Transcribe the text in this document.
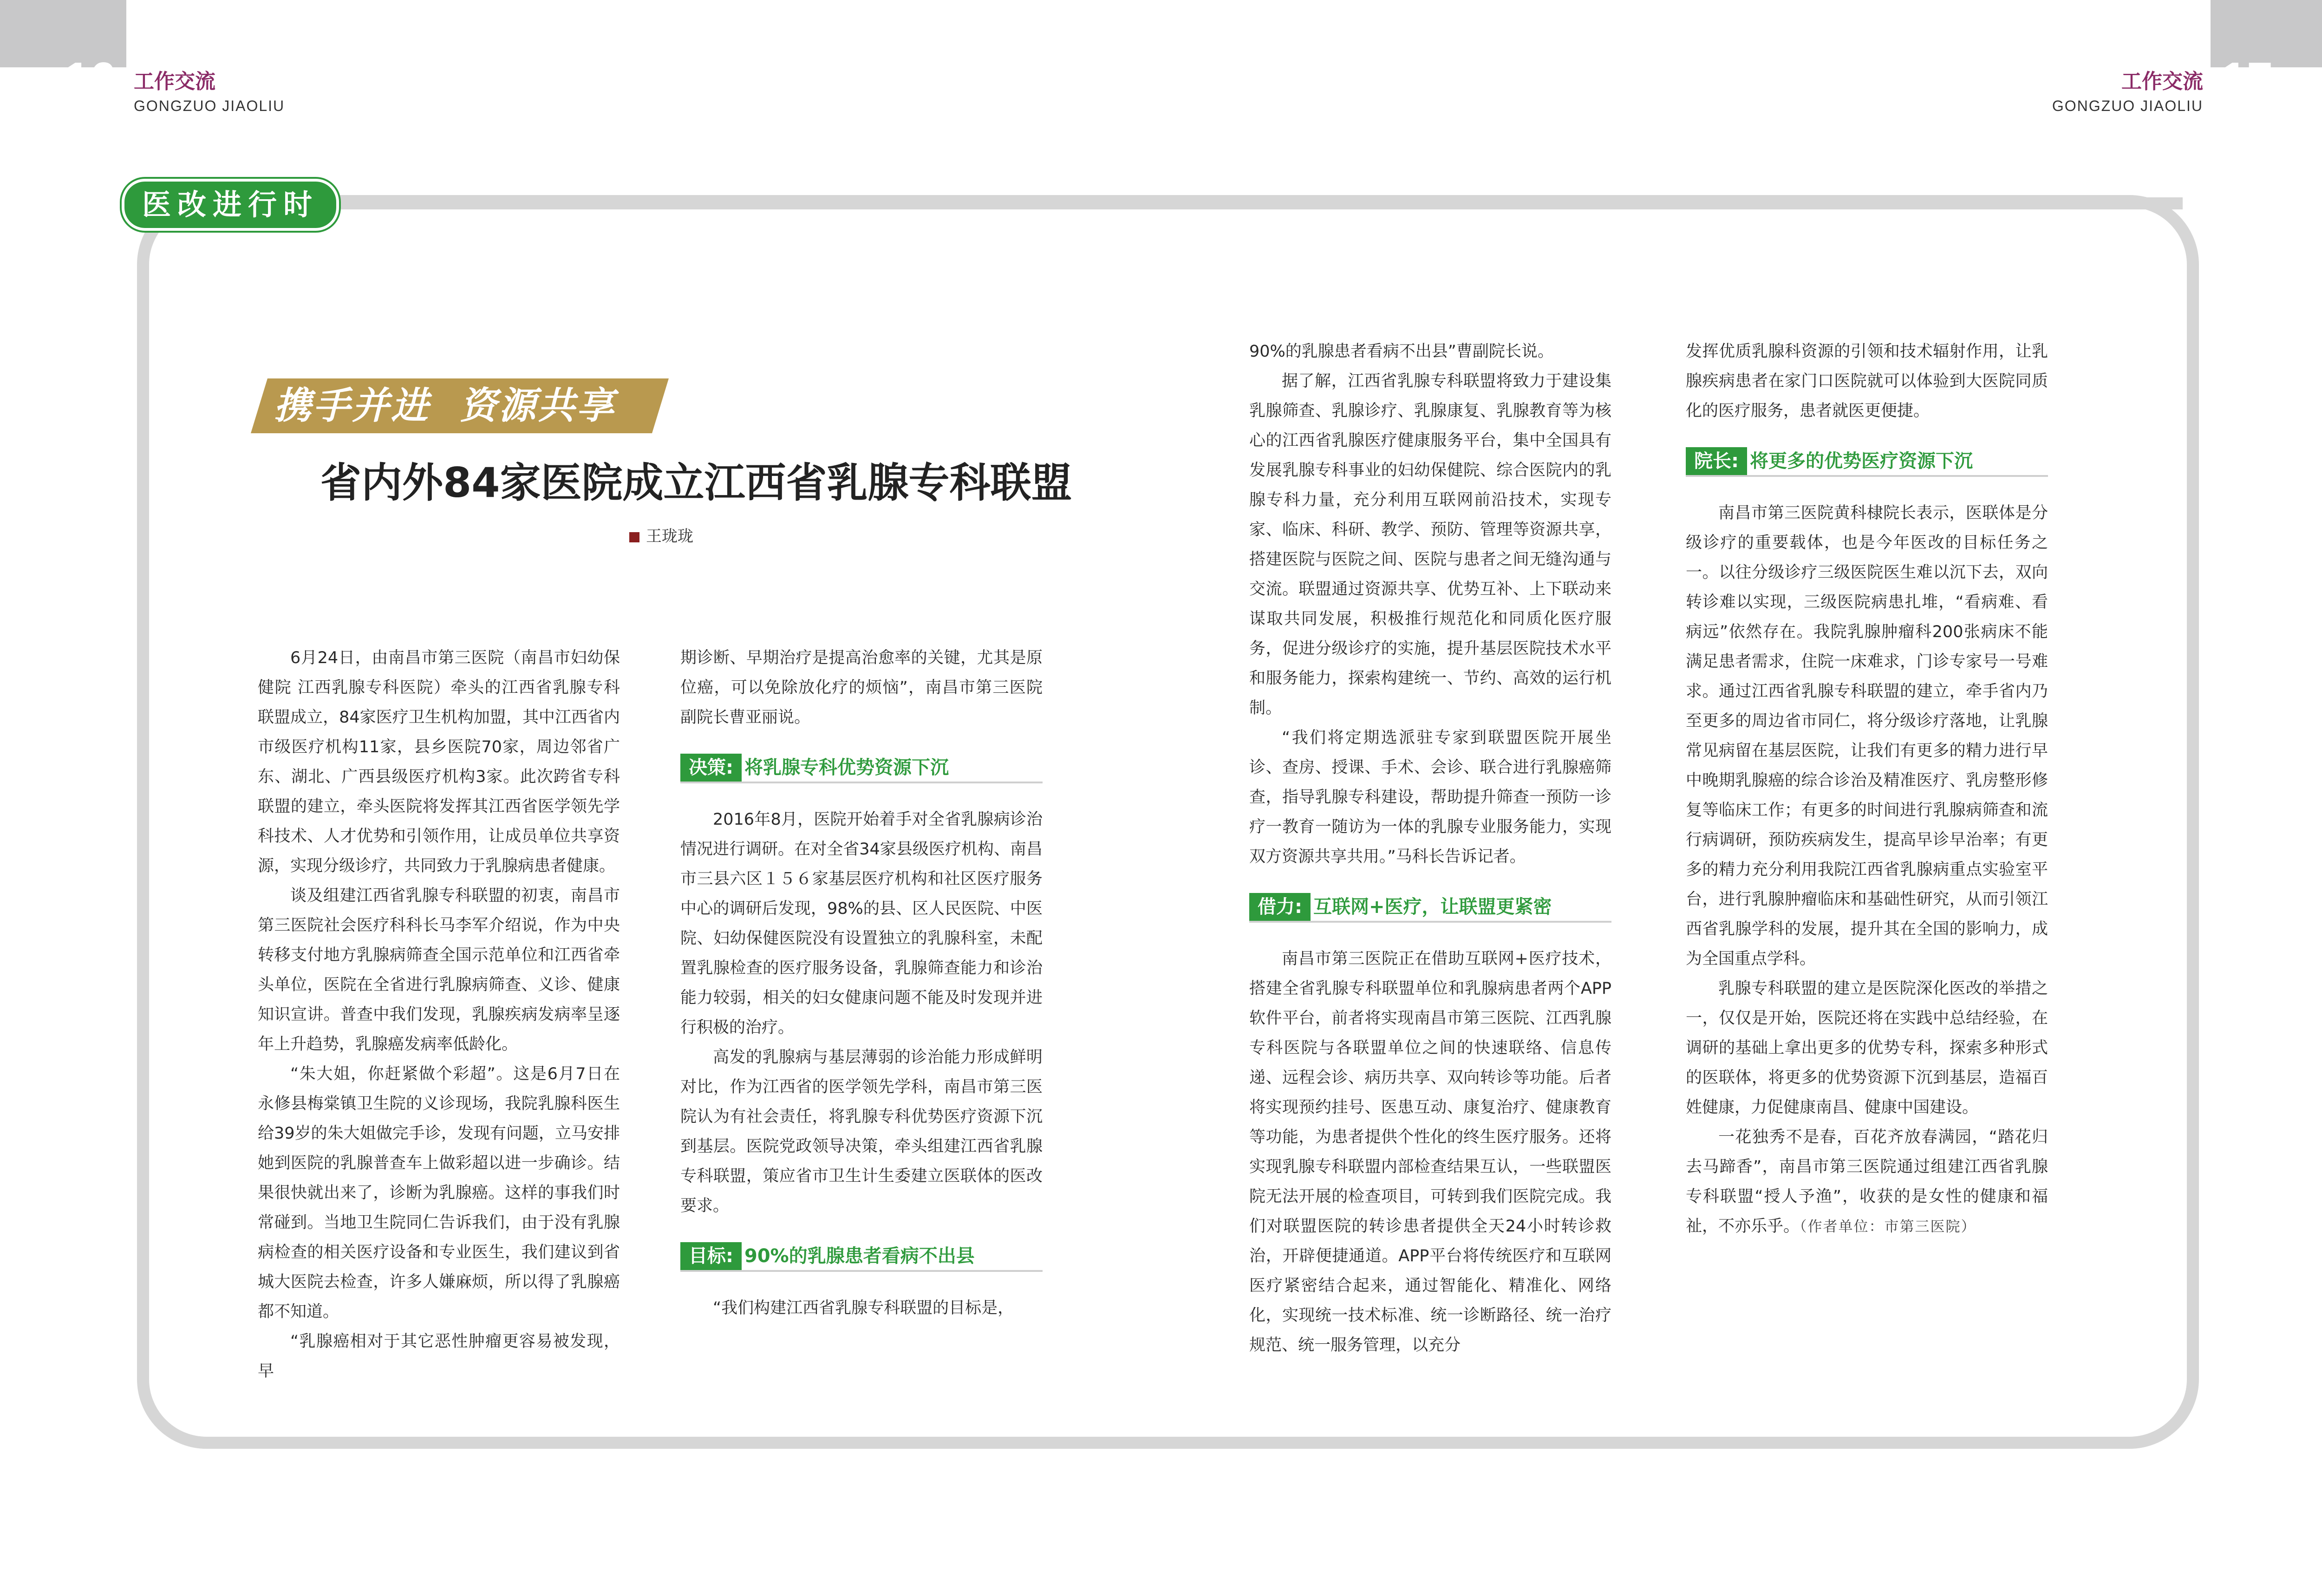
16	17
工作交流
GONGZUO JIAOLIU
工作交流
GONGZUO JIAOLIU
医改进行时
携手并进  资源共享
省内外84家医院成立江西省乳腺专科联盟
王珑珑

6月24日，由南昌市第三医院（南昌市妇幼保健院 江西乳腺专科医院）牵头的江西省乳腺专科联盟成立，84家医疗卫生机构加盟，其中江西省内市级医疗机构11家，县乡医院70家，周边邻省广东、湖北、广西县级医疗机构3家。此次跨省专科联盟的建立，牵头医院将发挥其江西省医学领先学科技术、人才优势和引领作用，让成员单位共享资源，实现分级诊疗，共同致力于乳腺病患者健康。

谈及组建江西省乳腺专科联盟的初衷，南昌市第三医院社会医疗科科长马李军介绍说，作为中央转移支付地方乳腺病筛查全国示范单位和江西省牵头单位，医院在全省进行乳腺病筛查、义诊、健康知识宣讲。普查中我们发现，乳腺疾病发病率呈逐年上升趋势，乳腺癌发病率低龄化。

“朱大姐，你赶紧做个彩超”。这是6月7日在永修县梅棠镇卫生院的义诊现场，我院乳腺科医生给39岁的朱大姐做完手诊，发现有问题，立马安排她到医院的乳腺普查车上做彩超以进一步确诊。结果很快就出来了，诊断为乳腺癌。这样的事我们时常碰到。当地卫生院同仁告诉我们，由于没有乳腺病检查的相关医疗设备和专业医生，我们建议到省城大医院去检查，许多人嫌麻烦，所以得了乳腺癌都不知道。

“乳腺癌相对于其它恶性肿瘤更容易被发现，早

期诊断、早期治疗是提高治愈率的关键，尤其是原位癌，可以免除放化疗的烦恼”，南昌市第三医院副院长曹亚丽说。

决策: 将乳腺专科优势资源下沉

2016年8月，医院开始着手对全省乳腺病诊治情况进行调研。在对全省34家县级医疗机构、南昌市三县六区１５６家基层医疗机构和社区医疗服务中心的调研后发现，98%的县、区人民医院、中医院、妇幼保健医院没有设置独立的乳腺科室，未配置乳腺检查的医疗服务设备，乳腺筛查能力和诊治能力较弱，相关的妇女健康问题不能及时发现并进行积极的治疗。

高发的乳腺病与基层薄弱的诊治能力形成鲜明对比，作为江西省的医学领先学科，南昌市第三医院认为有社会责任，将乳腺专科优势医疗资源下沉到基层。医院党政领导决策，牵头组建江西省乳腺专科联盟，策应省市卫生计生委建立医联体的医改要求。

目标: 90%的乳腺患者看病不出县

“我们构建江西省乳腺专科联盟的目标是，

90%的乳腺患者看病不出县”曹副院长说。

据了解，江西省乳腺专科联盟将致力于建设集乳腺筛查、乳腺诊疗、乳腺康复、乳腺教育等为核心的江西省乳腺医疗健康服务平台，集中全国具有发展乳腺专科事业的妇幼保健院、综合医院内的乳腺专科力量，充分利用互联网前沿技术，实现专家、临床、科研、教学、预防、管理等资源共享，搭建医院与医院之间、医院与患者之间无缝沟通与交流。联盟通过资源共享、优势互补、上下联动来谋取共同发展，积极推行规范化和同质化医疗服务，促进分级诊疗的实施，提升基层医院技术水平和服务能力，探索构建统一、节约、高效的运行机制。

“我们将定期选派驻专家到联盟医院开展坐诊、查房、授课、手术、会诊、联合进行乳腺癌筛查，指导乳腺专科建设，帮助提升筛查一预防一诊疗一教育一随访为一体的乳腺专业服务能力，实现双方资源共享共用。”马科长告诉记者。

借力: 互联网+医疗，让联盟更紧密

南昌市第三医院正在借助互联网+医疗技术，搭建全省乳腺专科联盟单位和乳腺病患者两个APP软件平台，前者将实现南昌市第三医院、江西乳腺专科医院与各联盟单位之间的快速联络、信息传递、远程会诊、病历共享、双向转诊等功能。后者将实现预约挂号、医患互动、康复治疗、健康教育等功能，为患者提供个性化的终生医疗服务。还将实现乳腺专科联盟内部检查结果互认，一些联盟医院无法开展的检查项目，可转到我们医院完成。我们对联盟医院的转诊患者提供全天24小时转诊救治，开辟便捷通道。APP平台将传统医疗和互联网医疗紧密结合起来，通过智能化、精准化、网络化，实现统一技术标准、统一诊断路径、统一治疗规范、统一服务管理，以充分

发挥优质乳腺科资源的引领和技术辐射作用，让乳腺疾病患者在家门口医院就可以体验到大医院同质化的医疗服务，患者就医更便捷。

院长: 将更多的优势医疗资源下沉

南昌市第三医院黄科棣院长表示，医联体是分级诊疗的重要载体，也是今年医改的目标任务之一。以往分级诊疗三级医院医生难以沉下去，双向转诊难以实现，三级医院病患扎堆，“看病难、看病远”依然存在。我院乳腺肿瘤科200张病床不能满足患者需求，住院一床难求，门诊专家号一号难求。通过江西省乳腺专科联盟的建立，牵手省内乃至更多的周边省市同仁，将分级诊疗落地，让乳腺常见病留在基层医院，让我们有更多的精力进行早中晚期乳腺癌的综合诊治及精准医疗、乳房整形修复等临床工作；有更多的时间进行乳腺病筛查和流行病调研，预防疾病发生，提高早诊早治率；有更多的精力充分利用我院江西省乳腺病重点实验室平台，进行乳腺肿瘤临床和基础性研究，从而引领江西省乳腺学科的发展，提升其在全国的影响力，成为全国重点学科。

乳腺专科联盟的建立是医院深化医改的举措之一，仅仅是开始，医院还将在实践中总结经验，在调研的基础上拿出更多的优势专科，探索多种形式的医联体，将更多的优势资源下沉到基层，造福百姓健康，力促健康南昌、健康中国建设。

一花独秀不是春，百花齐放春满园，“踏花归去马蹄香”，南昌市第三医院通过组建江西省乳腺专科联盟“授人予渔”，收获的是女性的健康和福祉，不亦乐乎。（作者单位：市第三医院）
